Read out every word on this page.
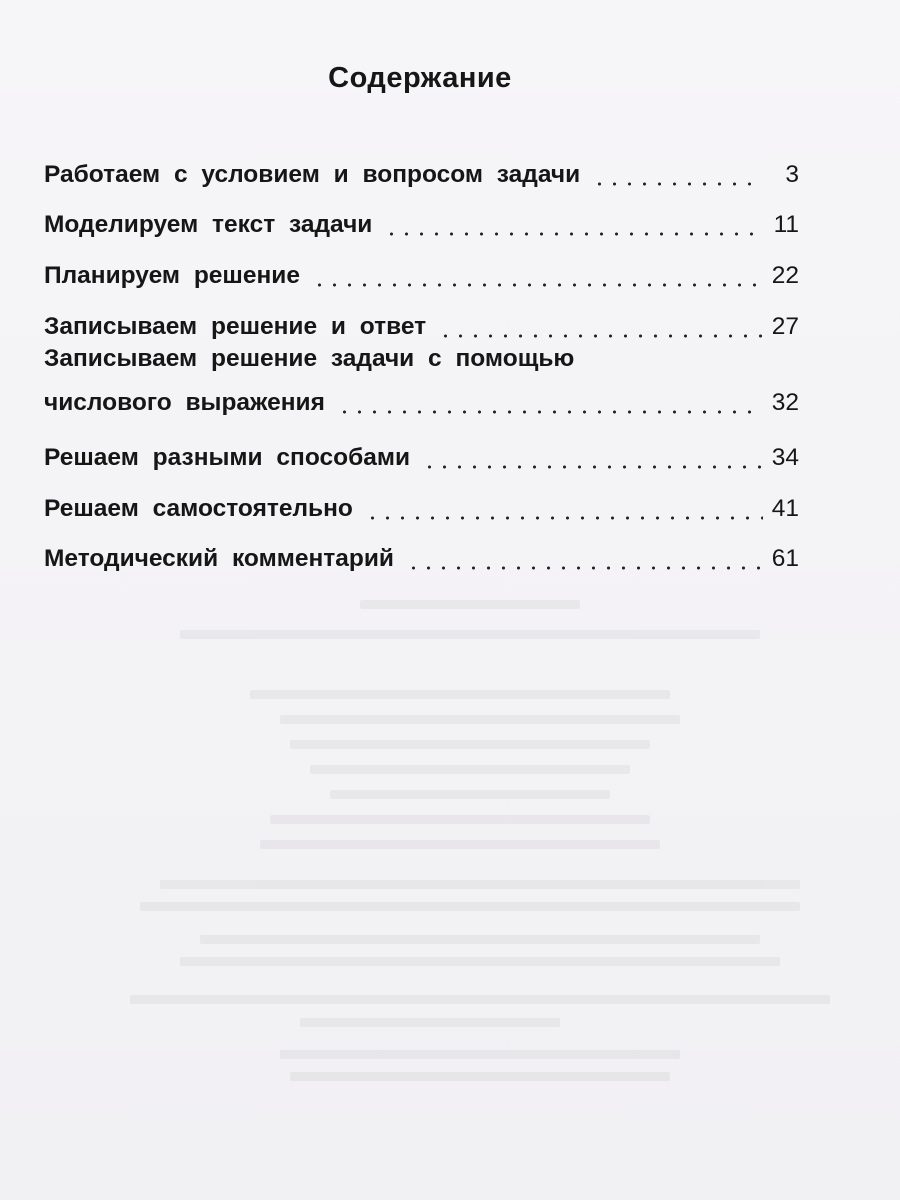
Содержание
Работаем с условием и вопросом задачи	3
Моделируем текст задачи	11
Планируем решение	22
Записываем решение и ответ	27
Записываем решение задачи с помощью
числового выражения	32
Решаем разными способами	34
Решаем самостоятельно	41
Методический комментарий	61
